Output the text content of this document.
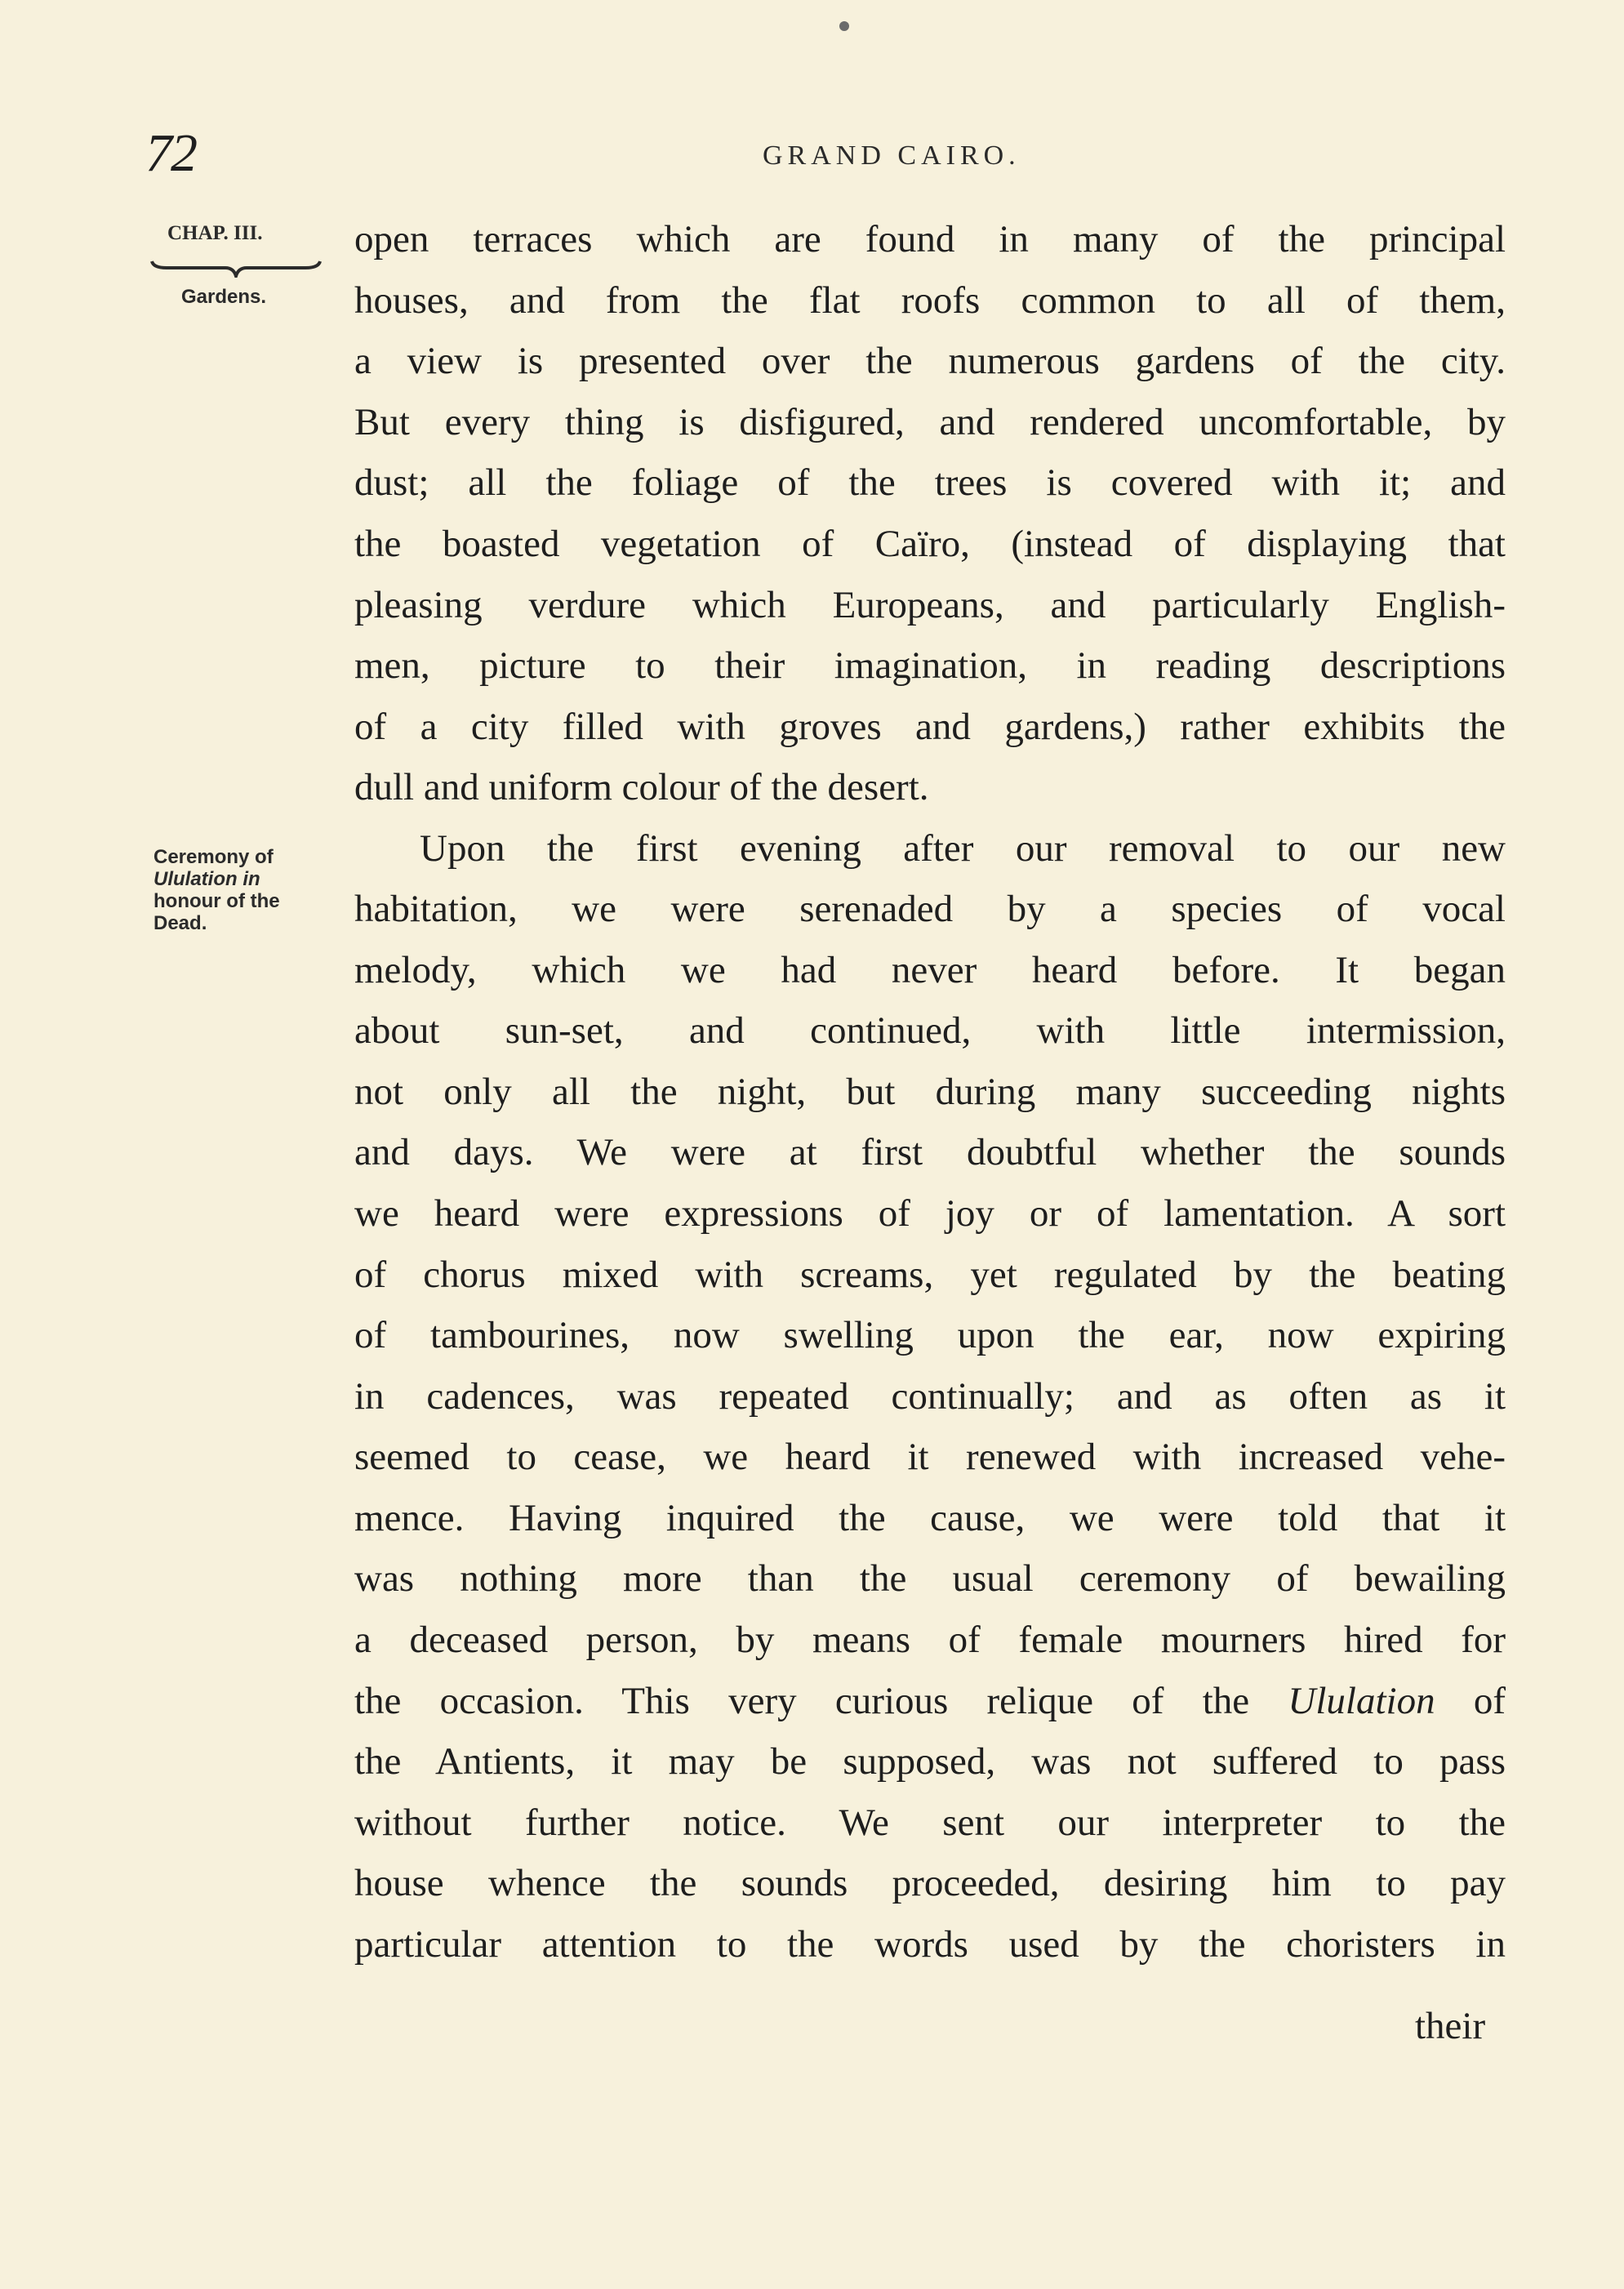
72	GRAND CAIRO.
CHAP. III.
Gardens.
Ceremony of
Ululation in
honour of the
Dead.
open terraces which are found in many of the principal
houses, and from the flat roofs common to all of them,
a view is presented over the numerous gardens of the city.
But every thing is disfigured, and rendered uncomfortable, by
dust; all the foliage of the trees is covered with it; and
the boasted vegetation of Caïro, (instead of displaying that
pleasing verdure which Europeans, and particularly English-
men, picture to their imagination, in reading descriptions
of a city filled with groves and gardens,) rather exhibits the
dull and uniform colour of the desert.
Upon the first evening after our removal to our new
habitation, we were serenaded by a species of vocal
melody, which we had never heard before. It began
about sun-set, and continued, with little intermission,
not only all the night, but during many succeeding nights
and days. We were at first doubtful whether the sounds
we heard were expressions of joy or of lamentation. A sort
of chorus mixed with screams, yet regulated by the beating
of tambourines, now swelling upon the ear, now expiring
in cadences, was repeated continually; and as often as it
seemed to cease, we heard it renewed with increased vehe-
mence. Having inquired the cause, we were told that it
was nothing more than the usual ceremony of bewailing
a deceased person, by means of female mourners hired for
the occasion. This very curious relique of the Ululation of
the Antients, it may be supposed, was not suffered to pass
without further notice. We sent our interpreter to the
house whence the sounds proceeded, desiring him to pay
particular attention to the words used by the choristers in
their
